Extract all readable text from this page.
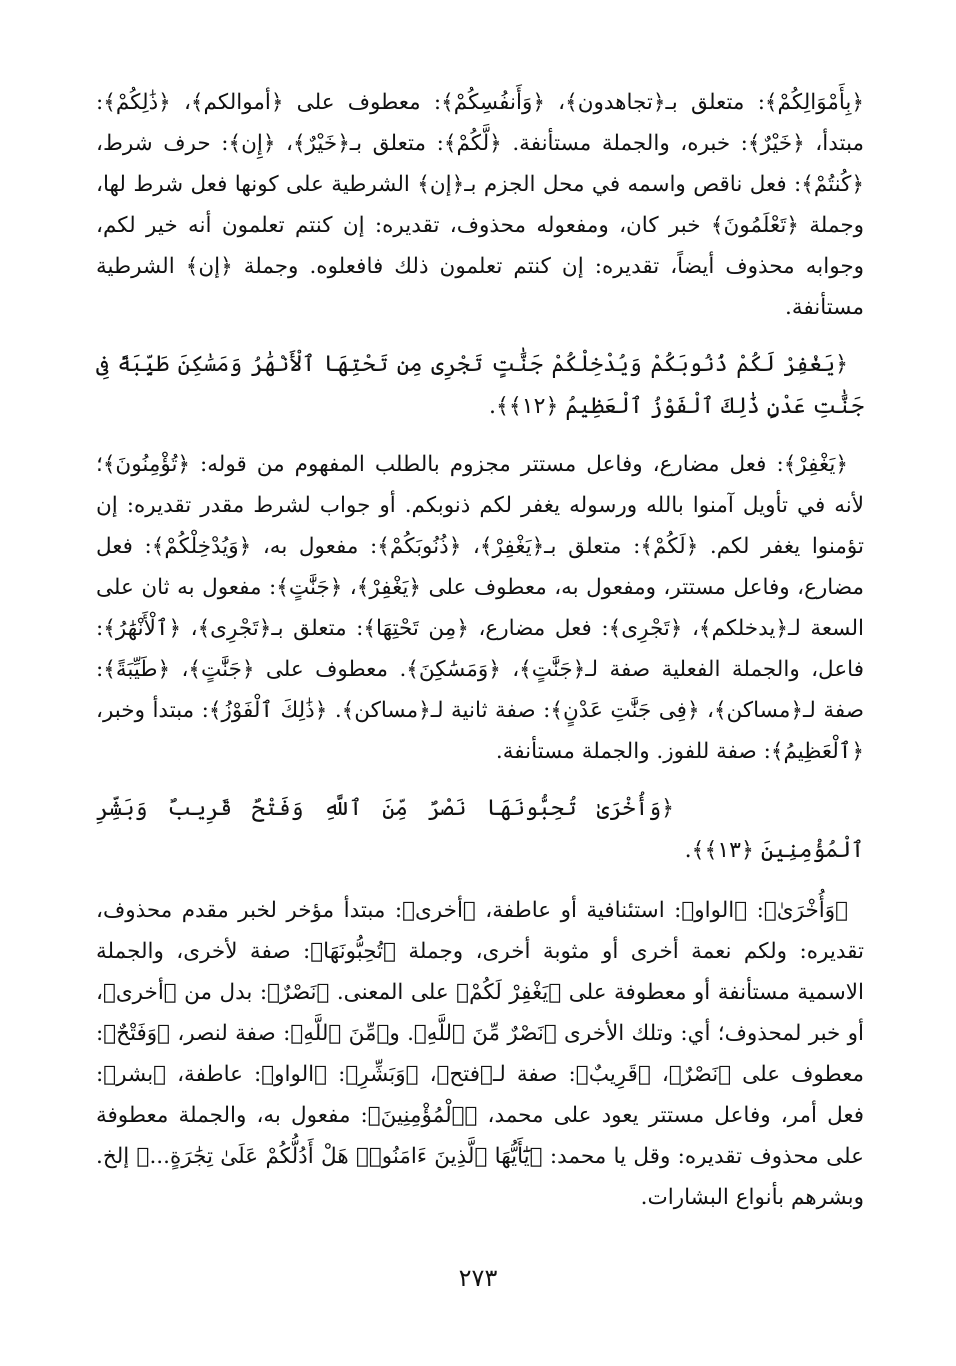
﴿بِأَمْوَالِكُمْ﴾: متعلق بـ﴿تجاهدون﴾، ﴿وَأَنفُسِكُمْ﴾: معطوف على ﴿أموالكم﴾، ﴿ذَٰلِكُمْ﴾: مبتدأ، ﴿خَيْرٌ﴾: خبره، والجملة مستأنفة. ﴿لَّكُمْ﴾: متعلق بـ﴿خَيْرٌ﴾، ﴿إِن﴾: حرف شرط، ﴿كُنتُمْ﴾: فعل ناقص واسمه في محل الجزم بـ﴿إن﴾ الشرطية على كونها فعل شرط لها، وجملة ﴿تَعْلَمُونَ﴾ خبر كان، ومفعوله محذوف، تقديره: إن كنتم تعلمون أنه خير لكم، وجوابه محذوف أيضاً، تقديره: إن كنتم تعلمون ذلك فافعلوه. وجملة ﴿إن﴾ الشرطية مستأنفة.

﴿يَغْفِرْ لَكُمْ ذُنُوبَكُمْ وَيُدْخِلْكُمْ جَنَّٰتٍ تَجْرِى مِن تَحْتِهَا ٱلْأَنْهَٰرُ وَمَسَٰكِنَ طَيِّبَةً فِى جَنَّٰتِ عَدْنٍ ذَٰلِكَ ٱلْفَوْزُ ٱلْعَظِيمُ ﴿١٢﴾﴾.

﴿يَغْفِرْ﴾: فعل مضارع، وفاعل مستتر مجزوم بالطلب المفهوم من قوله: ﴿تُؤْمِنُونَ﴾؛ لأنه في تأويل آمنوا بالله ورسوله يغفر لكم ذنوبكم. أو جواب لشرط مقدر تقديره: إن تؤمنوا يغفر لكم. ﴿لَكُمْ﴾: متعلق بـ﴿يَغْفِرْ﴾، ﴿ذُنُوبَكُمْ﴾: مفعول به، ﴿وَيُدْخِلْكُمْ﴾: فعل مضارع، وفاعل مستتر، ومفعول به، معطوف على ﴿يَغْفِرْ﴾، ﴿جَنَّٰتٍ﴾: مفعول به ثان على السعة لـ﴿يدخلكم﴾، ﴿تَجْرِى﴾: فعل مضارع، ﴿مِن تَحْتِهَا﴾: متعلق بـ﴿تَجْرِى﴾، ﴿ٱلْأَنْهَٰرُ﴾: فاعل، والجملة الفعلية صفة لـ﴿جَنَّٰتٍ﴾، ﴿وَمَسَٰكِنَ﴾. معطوف على ﴿جَنَّٰتٍ﴾، ﴿طَيِّبَةً﴾: صفة لـ﴿مساكن﴾، ﴿فِى جَنَّٰتِ عَدْنٍ﴾: صفة ثانية لـ﴿مساكن﴾. ﴿ذَٰلِكَ ٱلْفَوْزُ﴾: مبتدأ وخبر، ﴿ٱلْعَظِيمُ﴾: صفة للفوز. والجملة مستأنفة.

﴿وَأُخْرَىٰ تُحِبُّونَهَا نَصْرٌ مِّنَ ٱللَّهِ وَفَتْحٌ قَرِيبٌ وَبَشِّرِ ٱلْمُؤْمِنِينَ ﴿١٣﴾﴾.

﴿وَأُخْرَىٰ﴾: ﴿الواو﴾: استئنافية أو عاطفة، ﴿أخرى﴾: مبتدأ مؤخر لخبر مقدم محذوف، تقديره: ولكم نعمة أخرى أو مثوبة أخرى، وجملة ﴿تُحِبُّونَهَا﴾: صفة لأخرى، والجملة الاسمية مستأنفة أو معطوفة على ﴿يَغْفِرْ لَكُمْ﴾ على المعنى. ﴿نَصْرٌ﴾: بدل من ﴿أخرى﴾، أو خبر لمحذوف؛ أي: وتلك الأخرى ﴿نَصْرٌ مِّنَ ٱللَّهِ﴾. و﴿مِّنَ ٱللَّهِ﴾: صفة لنصر، ﴿وَفَتْحٌ﴾: معطوف على ﴿نَصْرٌ﴾، ﴿قَرِيبٌ﴾: صفة لـ﴿فتح﴾، ﴿وَبَشِّرِ﴾: ﴿الواو﴾: عاطفة، ﴿بشر﴾: فعل أمر، وفاعل مستتر يعود على محمد، ﴿ٱلْمُؤْمِنِينَ﴾: مفعول به، والجملة معطوفة على محذوف تقديره: وقل يا محمد: ﴿يَٰٓأَيُّهَا ٱلَّذِينَ ءَامَنُوا۟ هَلْ أَدُلُّكُمْ عَلَىٰ تِجَٰرَةٍ...﴾ إلخ. وبشرهم بأنواع البشارات.

٢٧٣
